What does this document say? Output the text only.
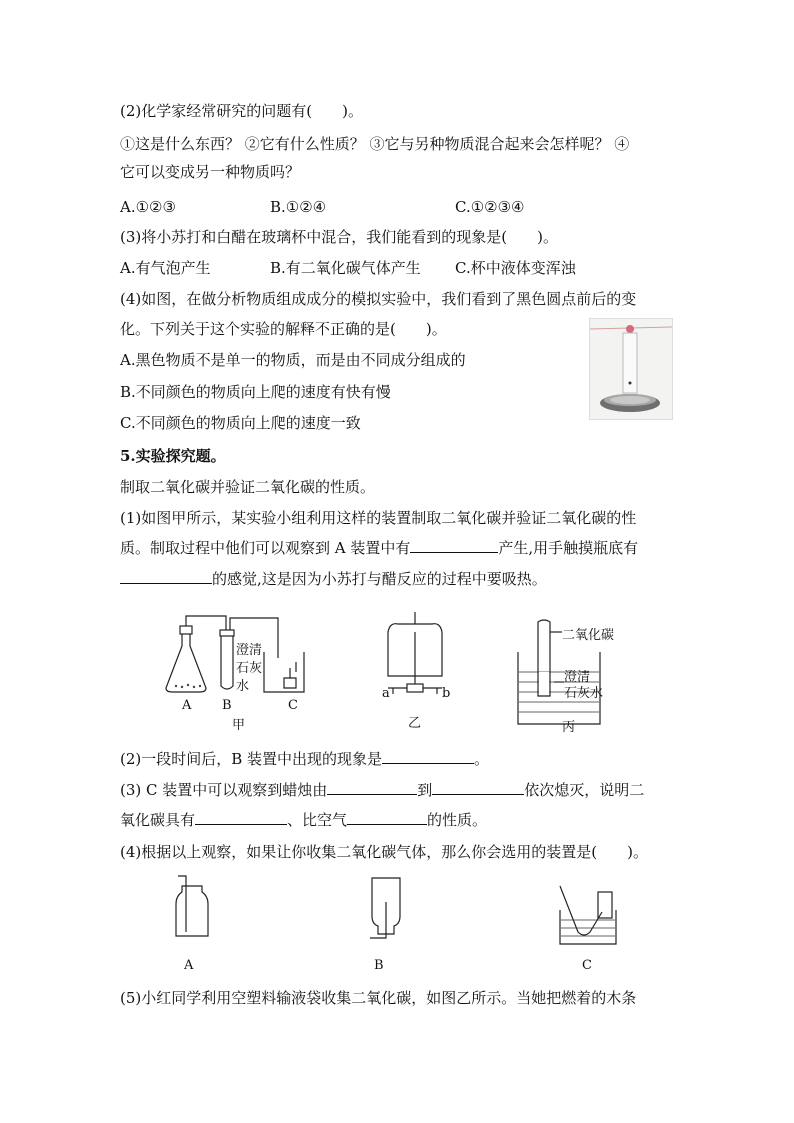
(2)化学家经常研究的问题有(　　)。
①这是什么东西？ ②它有什么性质？ ③它与另种物质混合起来会怎样呢？ ④
它可以变成另一种物质吗？
A.①②③	B.①②④	C.①②③④
(3)将小苏打和白醋在玻璃杯中混合，我们能看到的现象是(　　)。
A.有气泡产生	B.有二氧化碳气体产生 C.杯中液体变浑浊
(4)如图，在做分析物质组成成分的模拟实验中，我们看到了黑色圆点前后的变
化。下列关于这个实验的解释不正确的是(　　)。
A.黑色物质不是单一的物质，而是由不同成分组成的
B.不同颜色的物质向上爬的速度有快有慢
C.不同颜色的物质向上爬的速度一致
5.实验探究题。
制取二氧化碳并验证二氧化碳的性质。
(1)如图甲所示，某实验小组利用这样的装置制取二氧化碳并验证二氧化碳的性
质。制取过程中他们可以观察到 A 装置中有	产生,用手触摸瓶底有
的感觉,这是因为小苏打与醋反应的过程中要吸热。
澄清
石灰
水
A B	C
甲
a	b
乙
二氧化碳
澄清
石灰水
丙
(2)一段时间后，B 装置中出现的现象是	。
(3) C 装置中可以观察到蜡烛由	到	依次熄灭，说明二
氧化碳具有	、比空气	的性质。
(4)根据以上观察，如果让你收集二氧化碳气体，那么你会选用的装置是(　　)。
A	B	C
(5)小红同学利用空塑料输液袋收集二氧化碳，如图乙所示。当她把燃着的木条
